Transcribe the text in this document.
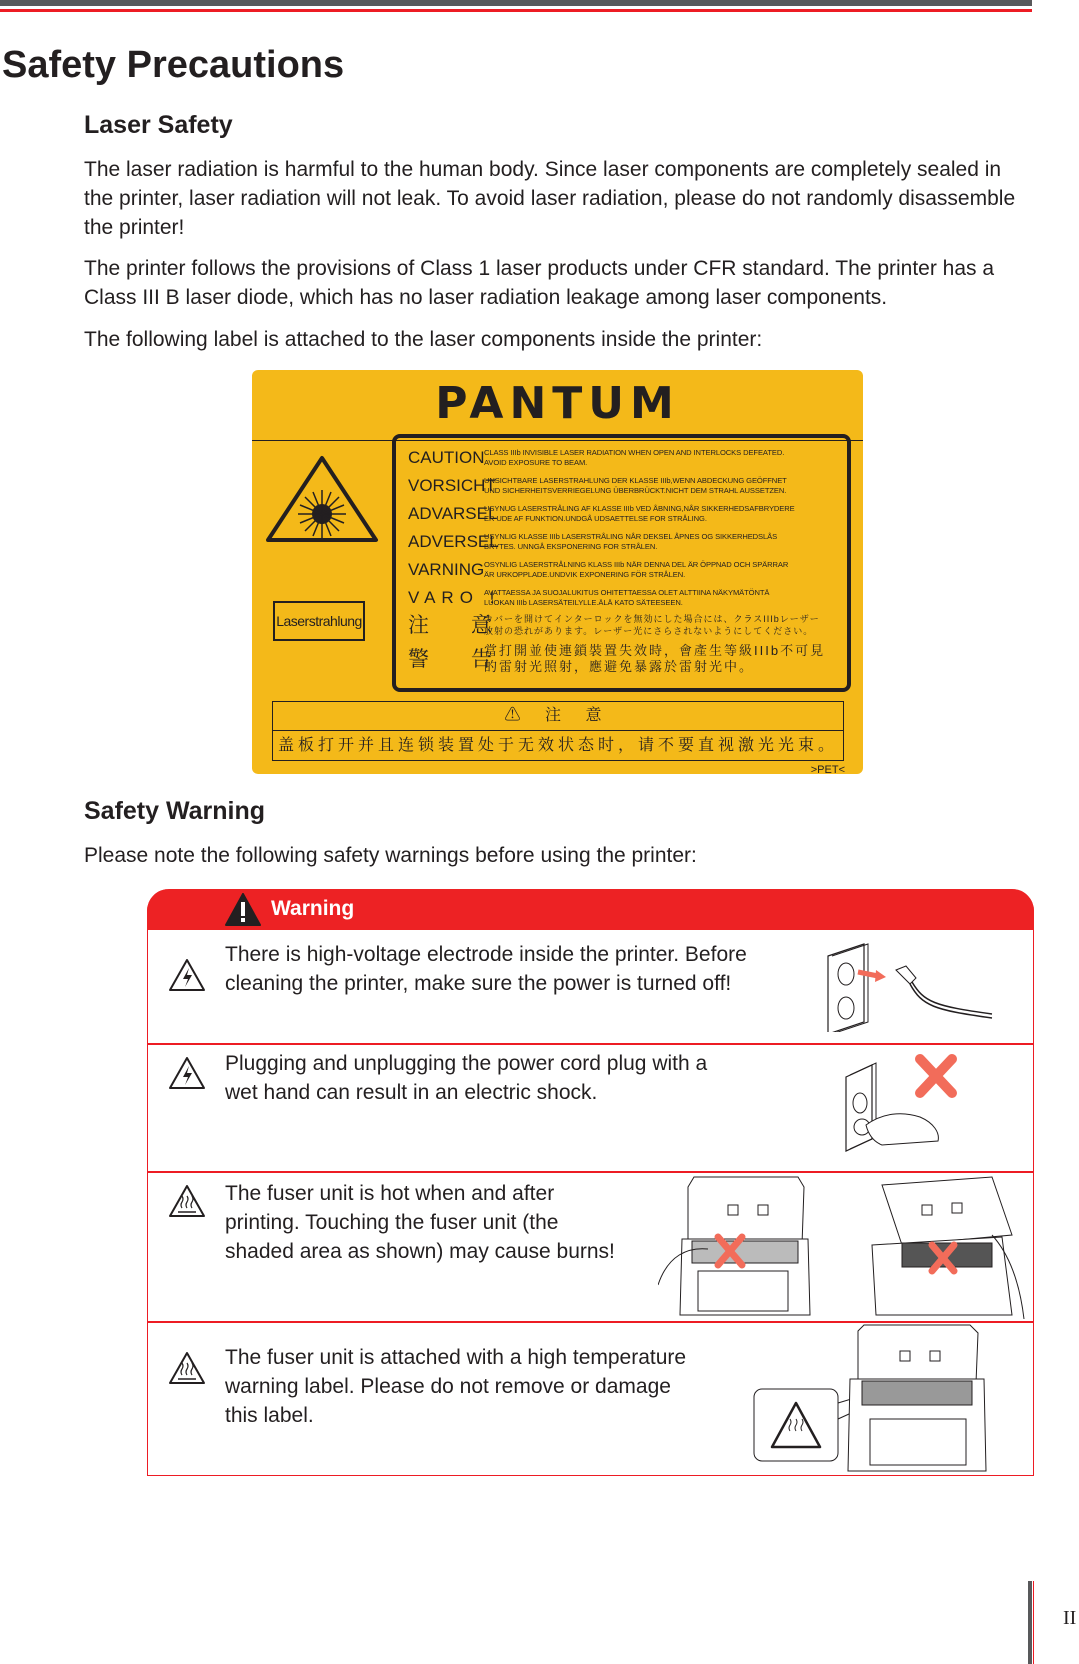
Safety Precautions
Laser Safety
The laser radiation is harmful to the human body. Since laser components are completely sealed in the printer, laser radiation will not leak. To avoid laser radiation, please do not randomly disassemble the printer!
The printer follows the provisions of Class 1 laser products under CFR standard. The printer has a Class III B laser diode, which has no laser radiation leakage among laser components.
The following label is attached to the laser components inside the printer:
PANTUM
Laserstrahlung
CAUTION CLASS IIIb INVISIBLE LASER RADIATION WHEN OPEN AND INTERLOCKS DEFEATED.
AVOID EXPOSURE TO BEAM.
VORSICHT
UNSICHTBARE LASERSTRAHLUNG DER KLASSE IIIb,WENN ABDECKUNG GEÖFFNET
UND SICHERHEITSVERRIEGELUNG ÜBERBRÜCKT.NICHT DEM STRAHL AUSSETZEN.
ADVARSEL
USYNUG LASERSTRÅLING AF KLASSE IIIb VED ÅBNING,NÅR SIKKERHEDSAFBRYDERE
ER UDE AF FUNKTION.UNDGÅ UDSAETTELSE FOR STRÅLING.
ADVERSEL
USYNLIG KLASSE IIIb LASERSTRÅLING NÅR DEKSEL ÅPNES OG SIKKERHEDSLÅS
BRYTES. UNNGÅ EKSPONERING FOR STRÅLEN.
VARNING OSYNLIG LASERSTRÅLNING KLASS IIIb NÄR DENNA DEL ÄR ÖPPNAD OCH SPÄRRAR
ÄR URKOPPLADE.UNDVIK EXPONERING FÖR STRÅLEN.
VARO !
AVATTAESSA JA SUOJALUKITUS OHITETTAESSA OLET ALTTIINA NÄKYMÄTÖNTÄ
LUOKAN IIIb LASERSÄTEILYLLE.ÄLÄ KATO SÄTEESEEN.
注 意
カバーを開けてインターロックを無効にした場合には、クラスIIIbレーザー
放射の恐れがあります。レーザー光にさらされないようにしてください。
警 告
當打開並使連鎖裝置失效時，會產生等級IIIb不可見
的雷射光照射，應避免暴露於雷射光中。
⚠ 注 意
盖板打开并且连锁装置处于无效状态时，请不要直视激光光束。
>PET<
Safety Warning
Please note the following safety warnings before using the printer:
Warning
There is high-voltage electrode inside the printer. Before
cleaning the printer, make sure the power is turned off!
Plugging and unplugging the power cord plug with a
wet hand can result in an electric shock.
The fuser unit is hot when and after
printing. Touching the fuser unit (the
shaded area as shown) may cause burns!
The fuser unit is attached with a high temperature
warning label. Please do not remove or damage
this label.
II
